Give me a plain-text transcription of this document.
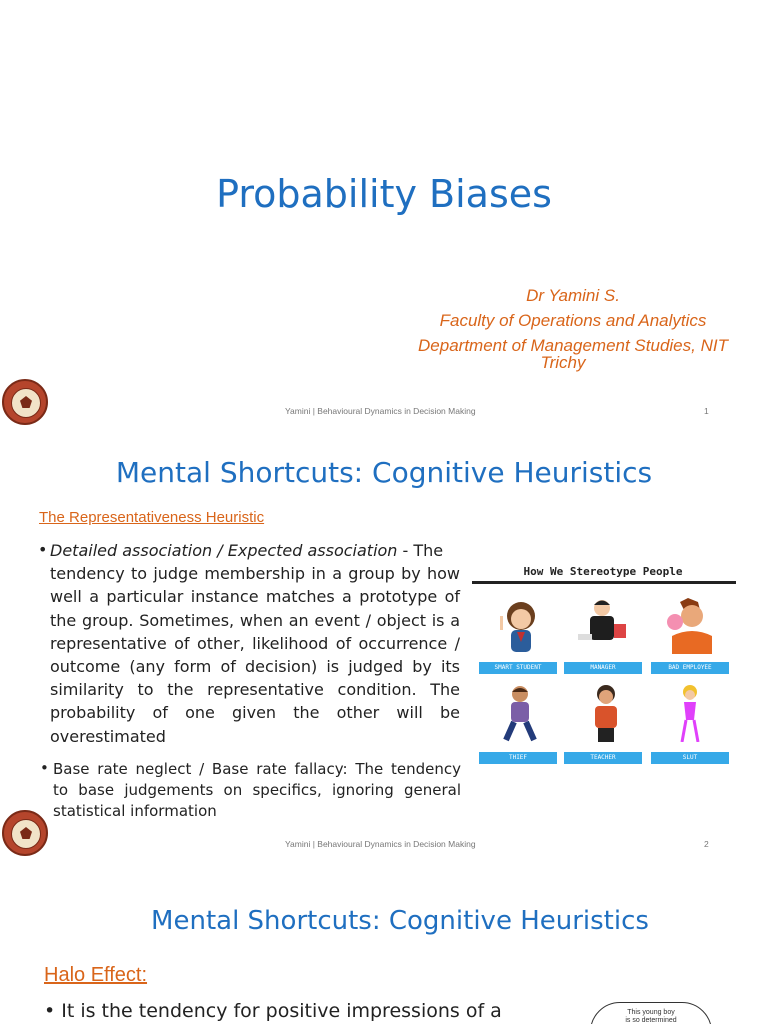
Probability Biases
Dr Yamini S.
Faculty of Operations and Analytics
Department of Management Studies, NIT
Trichy
Yamini | Behavioural Dynamics in Decision Making	1
Mental Shortcuts: Cognitive Heuristics
The Representativeness Heuristic
• Detailed association / Expected association - The
tendency to judge membership in a group by how
well a particular instance matches a prototype of
the group. Sometimes, when an event / object is a
representative of other, likelihood of occurrence /
outcome (any form of decision) is judged by its
similarity to the representative condition. The
probability of one given the other will be
overestimated
• Base rate neglect / Base rate fallacy: The tendency
to base judgements on specifics, ignoring general
statistical information
How We Stereotype People
SMART STUDENT	MANAGER	BAD EMPLOYEE
THIEF	TEACHER	SLUT
Yamini | Behavioural Dynamics in Decision Making	2
Mental Shortcuts: Cognitive Heuristics
Halo Effect:
• It is the tendency for positive impressions of a	This young boy
is so determined
